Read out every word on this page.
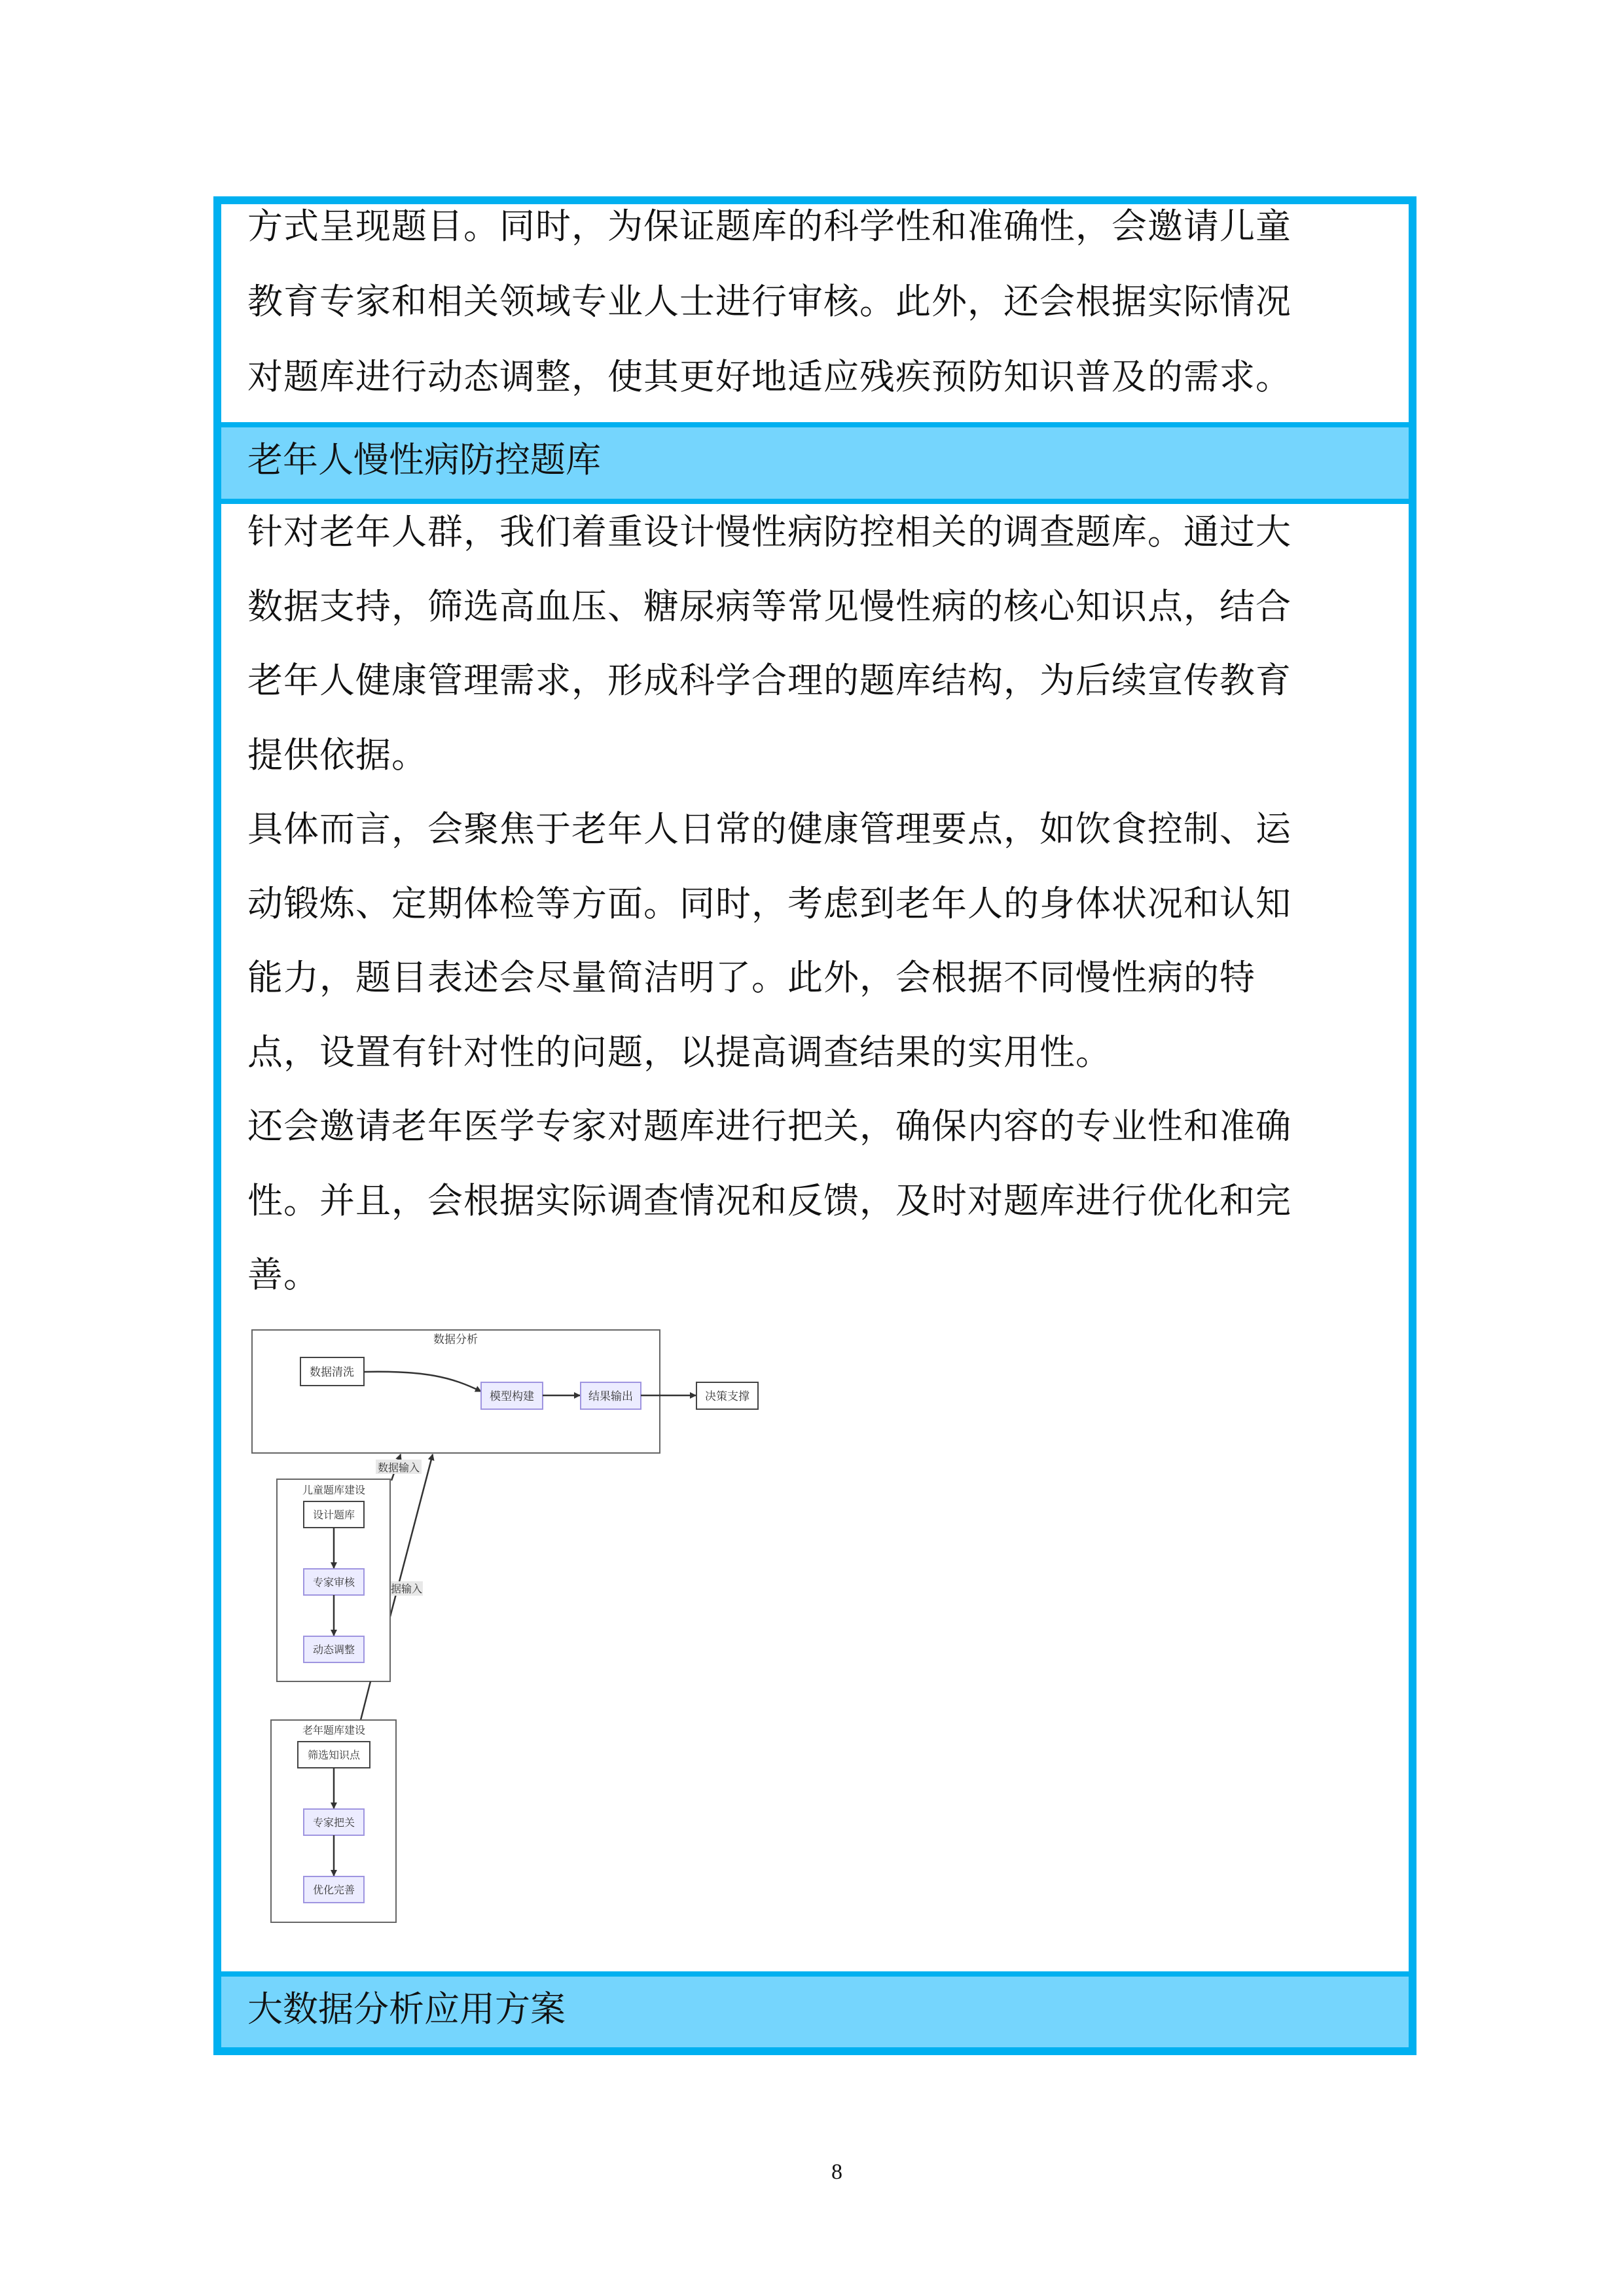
方式呈现题目。同时，为保证题库的科学性和准确性，会邀请儿童
教育专家和相关领域专业人士进行审核。此外，还会根据实际情况
对题库进行动态调整，使其更好地适应残疾预防知识普及的需求。
老年人慢性病防控题库
针对老年人群，我们着重设计慢性病防控相关的调查题库。通过大
数据支持，筛选高血压、糖尿病等常见慢性病的核心知识点，结合
老年人健康管理需求，形成科学合理的题库结构，为后续宣传教育
提供依据。
具体而言，会聚焦于老年人日常的健康管理要点，如饮食控制、运
动锻炼、定期体检等方面。同时，考虑到老年人的身体状况和认知
能力，题目表述会尽量简洁明了。此外，会根据不同慢性病的特
点，设置有针对性的问题，以提高调查结果的实用性。
还会邀请老年医学专家对题库进行把关，确保内容的专业性和准确
性。并且，会根据实际调查情况和反馈，及时对题库进行优化和完
善。
数据分析
数据清洗
模型构建	结果输出	决策支撑
数据输入
据输入
儿童题库建设
设计题库
专家审核
动态调整
老年题库建设
筛选知识点
专家把关
优化完善
大数据分析应用方案
8
